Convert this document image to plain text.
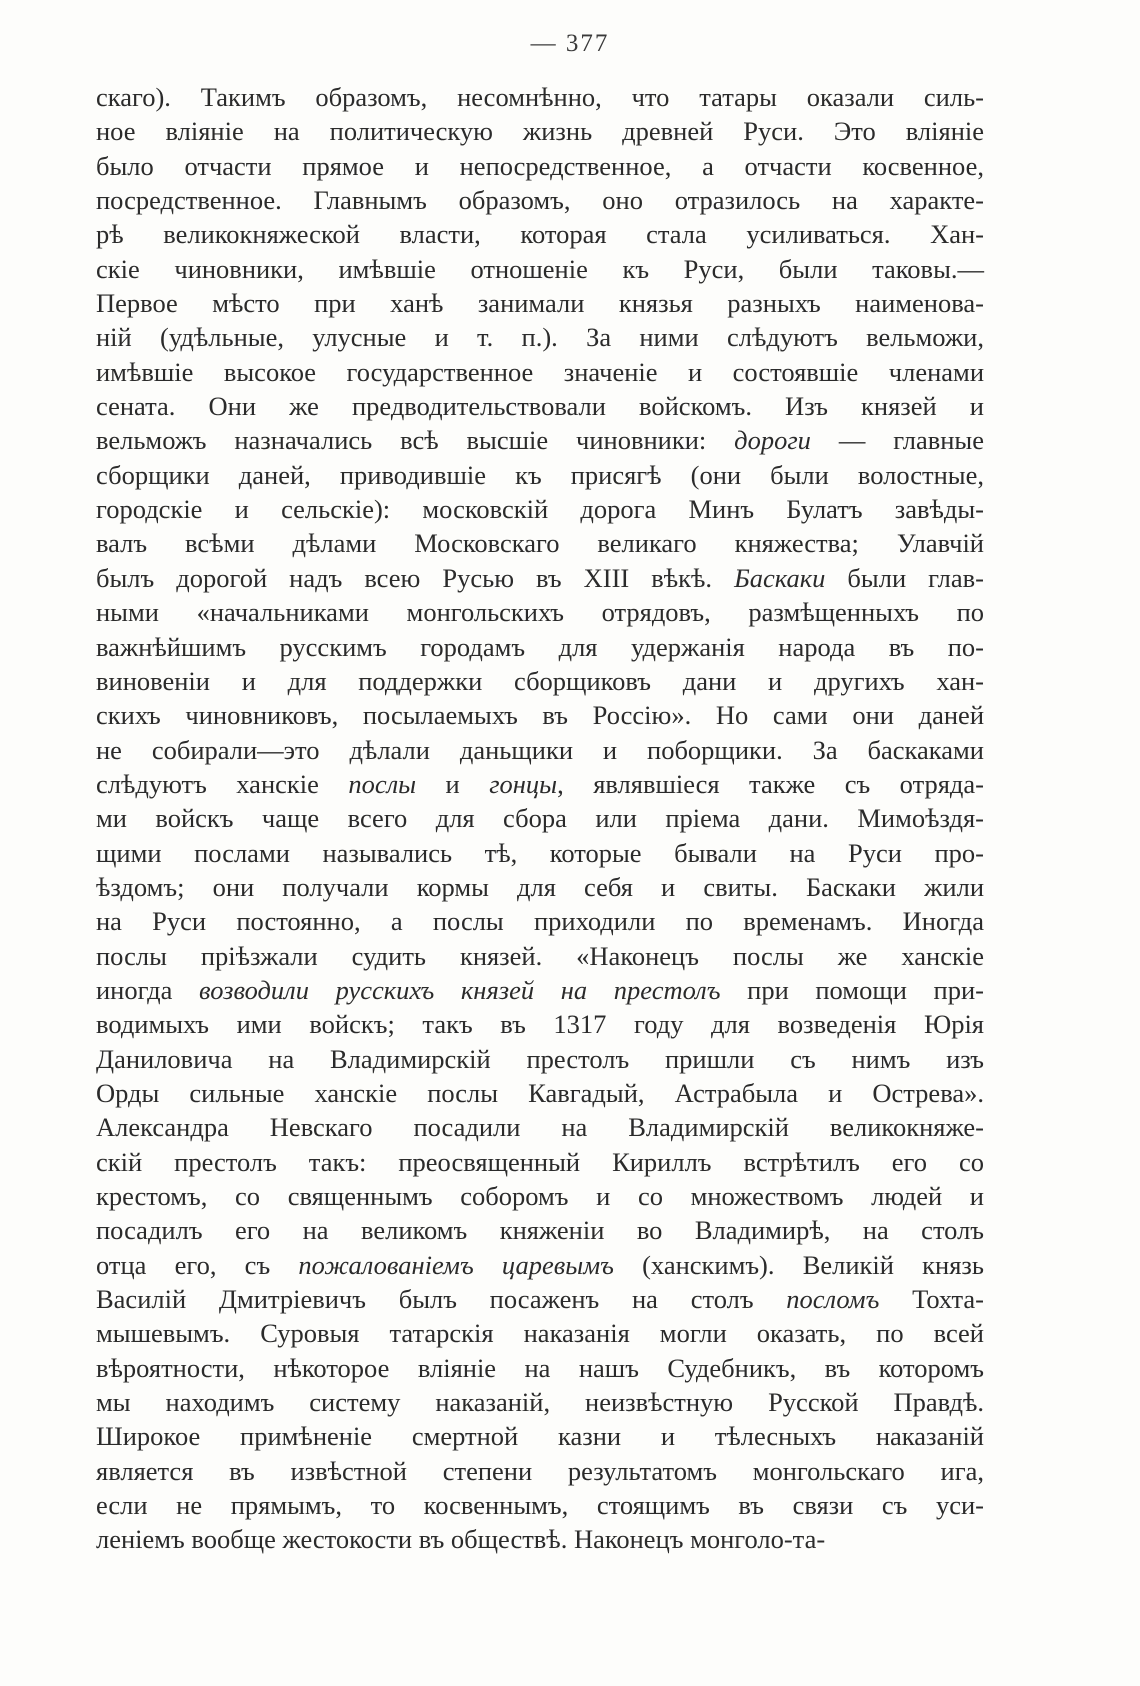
— 377
скаго). Такимъ образомъ, несомнѣнно, что татары оказали силь-
ное вліяніе на политическую жизнь древней Руси. Это вліяніе
было отчасти прямое и непосредственное, а отчасти косвенное,
посредственное. Главнымъ образомъ, оно отразилось на характе-
рѣ великокняжеской власти, которая стала усиливаться. Хан-
скіе чиновники, имѣвшіе отношеніе къ Руси, были таковы.—
Первое мѣсто при ханѣ занимали князья разныхъ наименова-
ній (удѣльные, улусные и т. п.). За ними слѣдуютъ вельможи,
имѣвшіе высокое государственное значеніе и состоявшіе членами
сената. Они же предводительствовали войскомъ. Изъ князей и
вельможъ назначались всѣ высшіе чиновники: дороги — главные
сборщики даней, приводившіе къ присягѣ (они были волостные,
городскіе и сельскіе): московскій дорога Минъ Булатъ завѣды-
валъ всѣми дѣлами Московскаго великаго княжества; Улавчій
былъ дорогой надъ всею Русью въ XIII вѣкѣ. Баскаки были глав-
ными «начальниками монгольскихъ отрядовъ, размѣщенныхъ по
важнѣйшимъ русскимъ городамъ для удержанія народа въ по-
виновеніи и для поддержки сборщиковъ дани и другихъ хан-
скихъ чиновниковъ, посылаемыхъ въ Россію». Но сами они даней
не собирали—это дѣлали даньщики и поборщики. За баскаками
слѣдуютъ ханскіе послы и гонцы, являвшіеся также съ отряда-
ми войскъ чаще всего для сбора или пріема дани. Мимоѣздя-
щими послами назывались тѣ, которые бывали на Руси про-
ѣздомъ; они получали кормы для себя и свиты. Баскаки жили
на Руси постоянно, а послы приходили по временамъ. Иногда
послы пріѣзжали судить князей. «Наконецъ послы же ханскіе
иногда возводили русскихъ князей на престолъ при помощи при-
водимыхъ ими войскъ; такъ въ 1317 году для возведенія Юрія
Даниловича на Владимирскій престолъ пришли съ нимъ изъ
Орды сильные ханскіе послы Кавгадый, Астрабыла и Острева».
Александра Невскаго посадили на Владимирскій великокняже-
скій престолъ такъ: преосвященный Кириллъ встрѣтилъ его со
крестомъ, со священнымъ соборомъ и со множествомъ людей и
посадилъ его на великомъ княженіи во Владимирѣ, на столъ
отца его, съ пожалованіемъ царевымъ (ханскимъ). Великій князь
Василій Дмитріевичъ былъ посаженъ на столъ посломъ Тохта-
мышевымъ. Суровыя татарскія наказанія могли оказать, по всей
вѣроятности, нѣкоторое вліяніе на нашъ Судебникъ, въ которомъ
мы находимъ систему наказаній, неизвѣстную Русской Правдѣ.
Широкое примѣненіе смертной казни и тѣлесныхъ наказаній
является въ извѣстной степени результатомъ монгольскаго ига,
если не прямымъ, то косвеннымъ, стоящимъ въ связи съ уси-
леніемъ вообще жестокости въ обществѣ. Наконецъ монголо-та-
